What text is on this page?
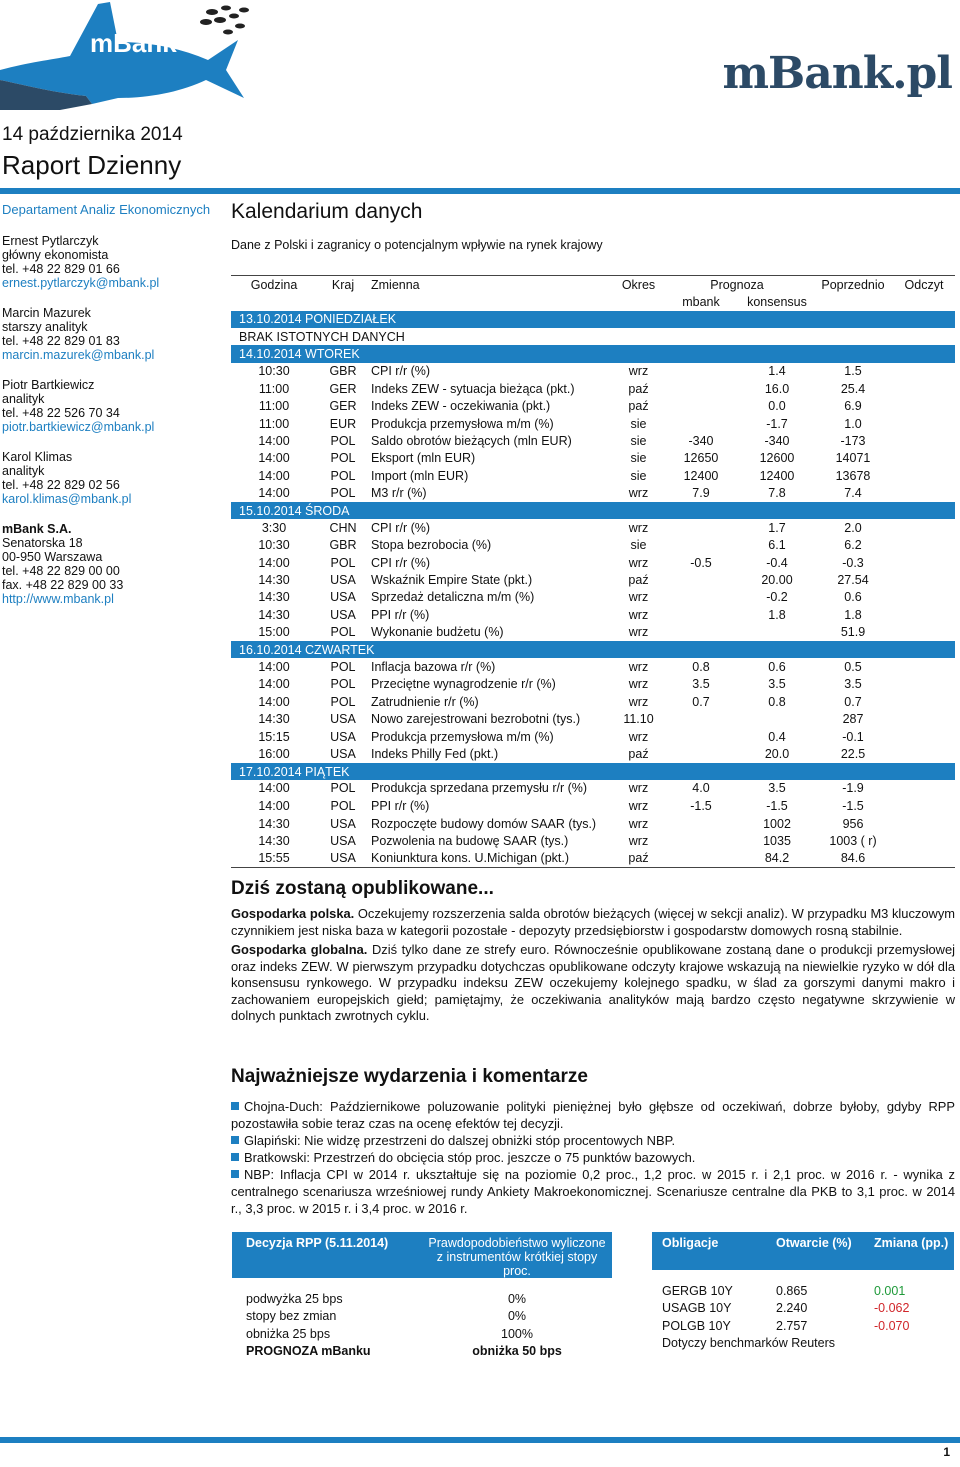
mBank
mBank.pl
14 października 2014
Raport Dzienny
Departament Analiz Ekonomicznych
Ernest Pytlarczyk
główny ekonomista
tel. +48 22 829 01 66
ernest.pytlarczyk@mbank.pl
Marcin Mazurek
starszy analityk
tel. +48 22 829 01 83
marcin.mazurek@mbank.pl
Piotr Bartkiewicz
analityk
tel. +48 22 526 70 34
piotr.bartkiewicz@mbank.pl
Karol Klimas
analityk
tel. +48 22 829 02 56
karol.klimas@mbank.pl
mBank S.A.
Senatorska 18
00-950 Warszawa
tel. +48 22 829 00 00
fax. +48 22 829 00 33
http://www.mbank.pl
Kalendarium danych
Dane z Polski i zagranicy o potencjalnym wpływie na rynek krajowy
Godzina	Kraj	Zmienna	Okres	Prognoza		Poprzednio	Odczyt
				mbank	konsensus		
13.10.2014 PONIEDZIAŁEK							
BRAK ISTOTNYCH DANYCH							
14.10.2014 WTOREK							
10:30	GBR	CPI r/r (%)	wrz		1.4	1.5	
11:00	GER	Indeks ZEW - sytuacja bieżąca (pkt.)	paź		16.0	25.4	
11:00	GER	Indeks ZEW - oczekiwania (pkt.)	paź		0.0	6.9	
11:00	EUR	Produkcja przemysłowa m/m (%)	sie		-1.7	1.0	
14:00	POL	Saldo obrotów bieżących (mln EUR)	sie	-340	-340	-173	
14:00	POL	Eksport (mln EUR)	sie	12650	12600	14071	
14:00	POL	Import (mln EUR)	sie	12400	12400	13678	
14:00	POL	M3 r/r (%)	wrz	7.9	7.8	7.4	
15.10.2014 ŚRODA							
3:30	CHN	CPI r/r (%)	wrz		1.7	2.0	
10:30	GBR	Stopa bezrobocia (%)	sie		6.1	6.2	
14:00	POL	CPI r/r (%)	wrz	-0.5	-0.4	-0.3	
14:30	USA	Wskaźnik Empire State (pkt.)	paź		20.00	27.54	
14:30	USA	Sprzedaż detaliczna m/m (%)	wrz		-0.2	0.6	
14:30	USA	PPI r/r (%)	wrz		1.8	1.8	
15:00	POL	Wykonanie budżetu (%)	wrz			51.9	
16.10.2014 CZWARTEK							
14:00	POL	Inflacja bazowa r/r (%)	wrz	0.8	0.6	0.5	
14:00	POL	Przeciętne wynagrodzenie r/r (%)	wrz	3.5	3.5	3.5	
14:00	POL	Zatrudnienie r/r (%)	wrz	0.7	0.8	0.7	
14:30	USA	Nowo zarejestrowani bezrobotni (tys.)	11.10			287	
15:15	USA	Produkcja przemysłowa m/m (%)	wrz		0.4	-0.1	
16:00	USA	Indeks Philly Fed (pkt.)	paź		20.0	22.5	
17.10.2014 PIĄTEK							
14:00	POL	Produkcja sprzedana przemysłu r/r (%)	wrz	4.0	3.5	-1.9	
14:00	POL	PPI r/r (%)	wrz	-1.5	-1.5	-1.5	
14:30	USA	Rozpoczęte budowy domów SAAR (tys.)	wrz		1002	956	
14:30	USA	Pozwolenia na budowę SAAR (tys.)	wrz		1035	1003 ( r)	
15:55	USA	Koniunktura kons. U.Michigan (pkt.)	paź		84.2	84.6	
Dziś zostaną opublikowane...

Gospodarka polska. Oczekujemy rozszerzenia salda obrotów bieżących (więcej w sekcji analiz). W przypadku M3 kluczowym czynnikiem jest niska baza w kategorii pozostałe - depozyty przedsiębiorstw i gospodarstw domowych rosną stabilnie.

Gospodarka globalna. Dziś tylko dane ze strefy euro. Równocześnie opublikowane zostaną dane o produkcji przemysłowej oraz indeks ZEW. W pierwszym przypadku dotychczas opublikowane odczyty krajowe wskazują na niewielkie ryzyko w dół dla konsensusu rynkowego. W przypadku indeksu ZEW oczekujemy kolejnego spadku, w ślad za gorszymi danymi makro i zachowaniem europejskich giełd; pamiętajmy, że oczekiwania analityków mają bardzo często negatywne skrzywienie w dolnych punktach zwrotnych cyklu.

Najważniejsze wydarzenia i komentarze
Chojna-Duch: Październikowe poluzowanie polityki pieniężnej było głębsze od oczekiwań, dobrze byłoby, gdyby RPP pozostawiła sobie teraz czas na ocenę efektów tej decyzji.
Glapiński: Nie widzę przestrzeni do dalszej obniżki stóp procentowych NBP.
Bratkowski: Przestrzeń do obcięcia stóp proc. jeszcze o 75 punktów bazowych.
NBP: Inflacja CPI w 2014 r. ukształtuje się na poziomie 0,2 proc., 1,2 proc. w 2015 r. i 2,1 proc. w 2016 r. - wynika z centralnego scenariusza wrześniowej rundy Ankiety Makroekonomicznej. Scenariusze centralne dla PKB to 3,1 proc. w 2014 r., 3,3 proc. w 2015 r. i 3,4 proc. w 2016 r.
Decyzja RPP (5.11.2014)	Prawdopodobieństwo wyliczone
z instrumentów krótkiej stopy proc.

podwyżka 25 bps	0%
stopy bez zmian	0%
obniżka 25 bps	100%
PROGNOZA mBanku	obniżka 50 bps
Obligacje	Otwarcie (%)	Zmiana (pp.)

GERGB 10Y	0.865	0.001
USAGB 10Y	2.240	-0.062
POLGB 10Y	2.757	-0.070
Dotyczy benchmarków Reuters		
1
